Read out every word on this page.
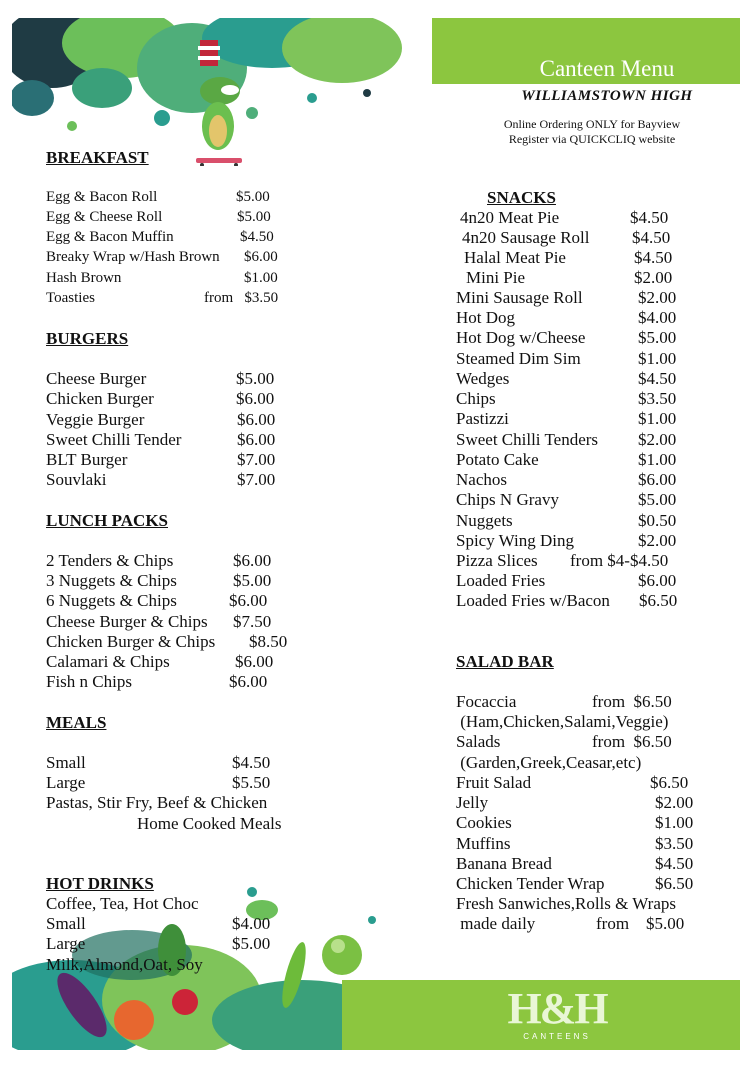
Canteen Menu
WILLIAMSTOWN HIGH
Online Ordering ONLY for Bayview
Register via QUICKCLIQ website
BREAKFAST
Egg & Bacon Roll	$5.00
Egg & Cheese Roll	$5.00
Egg & Bacon Muffin	$4.50
Breaky Wrap w/Hash Brown $6.00
Hash Brown	$1.00
Toasties	from   $3.50
BURGERS
Cheese Burger	$5.00
Chicken Burger	$6.00
Veggie Burger	$6.00
Sweet Chilli Tender	$6.00
BLT Burger	$7.00
Souvlaki	$7.00
LUNCH PACKS
2 Tenders & Chips	$6.00
3 Nuggets & Chips	$5.00
6 Nuggets & Chips	$6.00
Cheese Burger & Chips $7.50
Chicken Burger & Chips $8.50
Calamari & Chips	$6.00
Fish n Chips	$6.00
MEALS
Small	$4.50
Large	$5.50
Pastas, Stir Fry, Beef & Chicken
Home Cooked Meals
HOT DRINKS
Coffee, Tea, Hot Choc
Small	$4.00
Large	$5.00
Milk,Almond,Oat, Soy
SNACKS
4n20 Meat Pie	$4.50
4n20 Sausage Roll	$4.50
Halal Meat Pie	$4.50
Mini Pie	$2.00
Mini Sausage Roll	$2.00
Hot Dog	$4.00
Hot Dog w/Cheese	$5.00
Steamed Dim Sim	$1.00
Wedges	$4.50
Chips	$3.50
Pastizzi	$1.00
Sweet Chilli Tenders $2.00
Potato Cake	$1.00
Nachos	$6.00
Chips N Gravy	$5.00
Nuggets	$0.50
Spicy Wing Ding	$2.00
Pizza Slices from $4-$4.50
Loaded Fries	$6.00
Loaded Fries w/Bacon $6.50
SALAD BAR
Focaccia	from  $6.50
(Ham,Chicken,Salami,Veggie)
Salads	from  $6.50
(Garden,Greek,Ceasar,etc)
Fruit Salad	$6.50
Jelly	$2.00
Cookies	$1.00
Muffins	$3.50
Banana Bread	$4.50
Chicken Tender Wrap	$6.50
Fresh Sanwiches,Rolls & Wraps
made daily	from    $5.00
H&H
CANTEENS
